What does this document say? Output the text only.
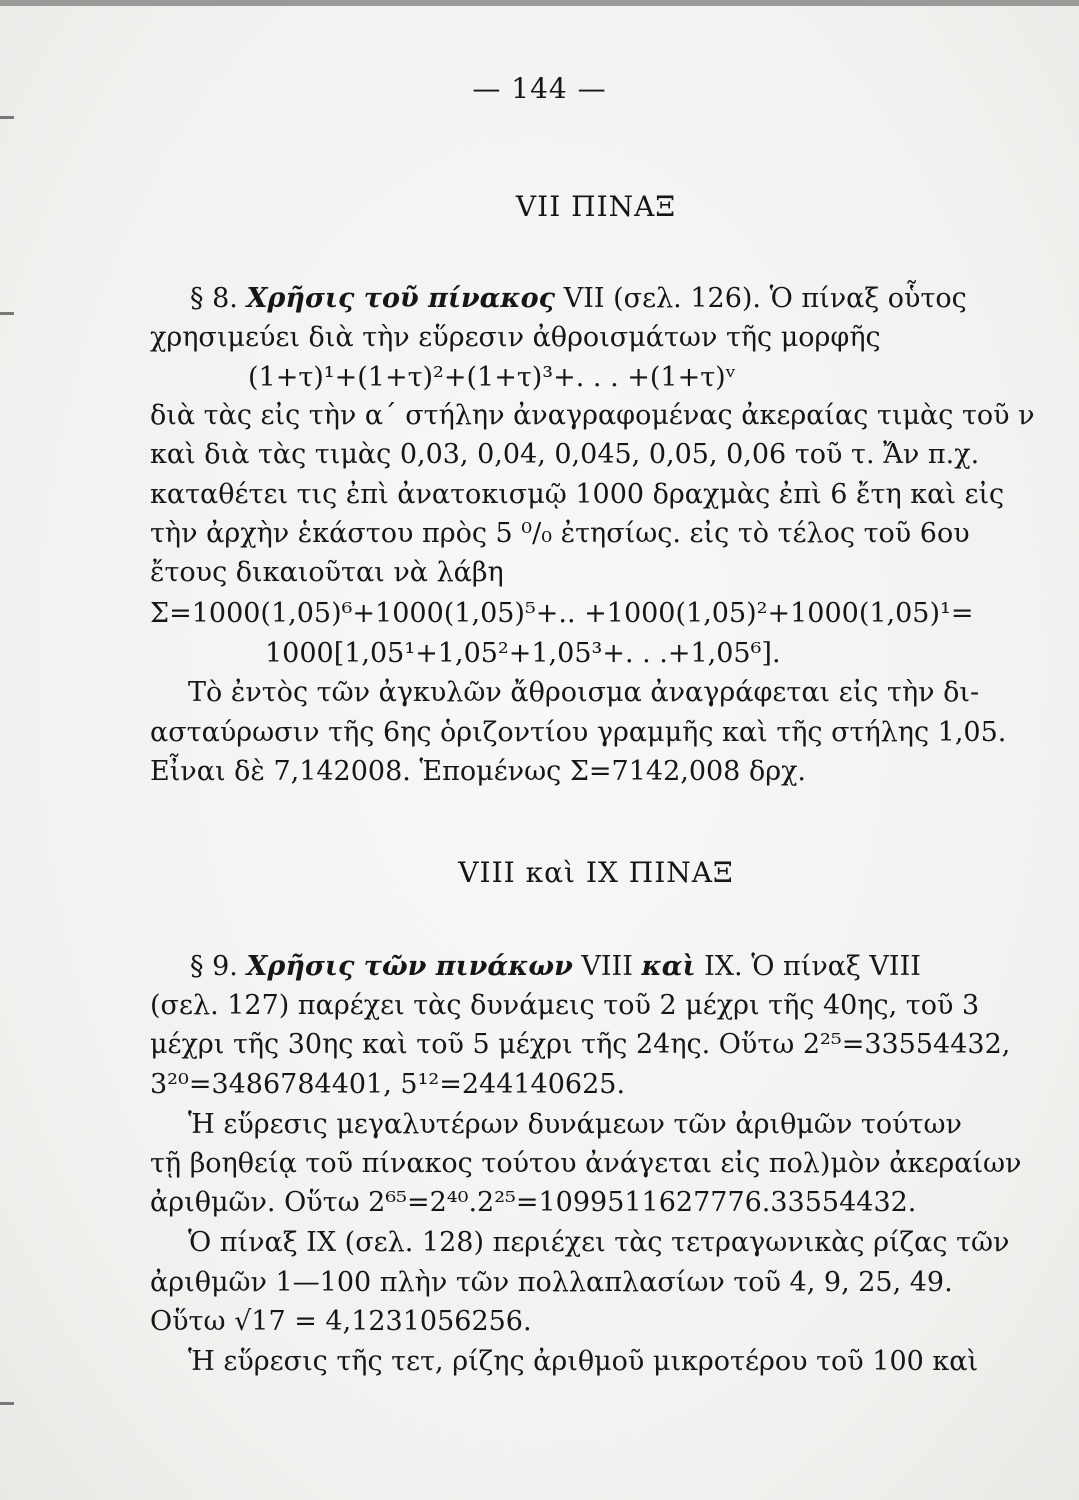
— 144 —
VII ΠΙΝΑΞ
§ 8. Χρῆσις τοῦ πίνακος VII (σελ. 126). Ὁ πίναξ οὗτος
χρησιμεύει διὰ τὴν εὕρεσιν ἀθροισμάτων τῆς μορφῆς
(1+τ)¹+(1+τ)²+(1+τ)³+. . . +(1+τ)ᵛ
διὰ τὰς εἰς τὴν α΄ στήλην ἀναγραφομένας ἀκεραίας τιμὰς τοῦ ν
καὶ διὰ τὰς τιμὰς 0,03, 0,04, 0,045, 0,05, 0,06 τοῦ τ. Ἄν π.χ.
καταθέτει τις ἐπὶ ἀνατοκισμῷ 1000 δραχμὰς ἐπὶ 6 ἔτη καὶ εἰς
τὴν ἀρχὴν ἑκάστου πρὸς 5 ⁰/₀ ἐτησίως. εἰς τὸ τέλος τοῦ 6ου
ἔτους δικαιοῦται νὰ λάβη
Σ=1000(1,05)⁶+1000(1,05)⁵+.. +1000(1,05)²+1000(1,05)¹=
1000[1,05¹+1,05²+1,05³+. . .+1,05⁶].
Τὸ ἐντὸς τῶν ἀγκυλῶν ἄθροισμα ἀναγράφεται εἰς τὴν δι-
ασταύρωσιν τῆς 6ης ὁριζοντίου γραμμῆς καὶ τῆς στήλης 1,05.
Εἶναι δὲ 7,142008. Ἑπομένως Σ=7142,008 δρχ.
VIII καὶ IX ΠΙΝΑΞ
§ 9. Χρῆσις τῶν πινάκων VIII καὶ IX. Ὁ πίναξ VIII
(σελ. 127) παρέχει τὰς δυνάμεις τοῦ 2 μέχρι τῆς 40ης, τοῦ 3
μέχρι τῆς 30ης καὶ τοῦ 5 μέχρι τῆς 24ης. Οὕτω 2²⁵=33554432,
3²⁰=3486784401, 5¹²=244140625.
Ἡ εὕρεσις μεγαλυτέρων δυνάμεων τῶν ἀριθμῶν τούτων
τῇ βοηθείᾳ τοῦ πίνακος τούτου ἀνάγεται εἰς πολ)μὸν ἀκεραίων
ἀριθμῶν. Οὕτω 2⁶⁵=2⁴⁰.2²⁵=1099511627776.33554432.
Ὁ πίναξ IX (σελ. 128) περιέχει τὰς τετραγωνικὰς ρίζας τῶν
ἀριθμῶν 1—100 πλὴν τῶν πολλαπλασίων τοῦ 4, 9, 25, 49.
Οὕτω √17 = 4,1231056256.
Ἡ εὕρεσις τῆς τετ, ρίζης ἀριθμοῦ μικροτέρου τοῦ 100 καὶ
